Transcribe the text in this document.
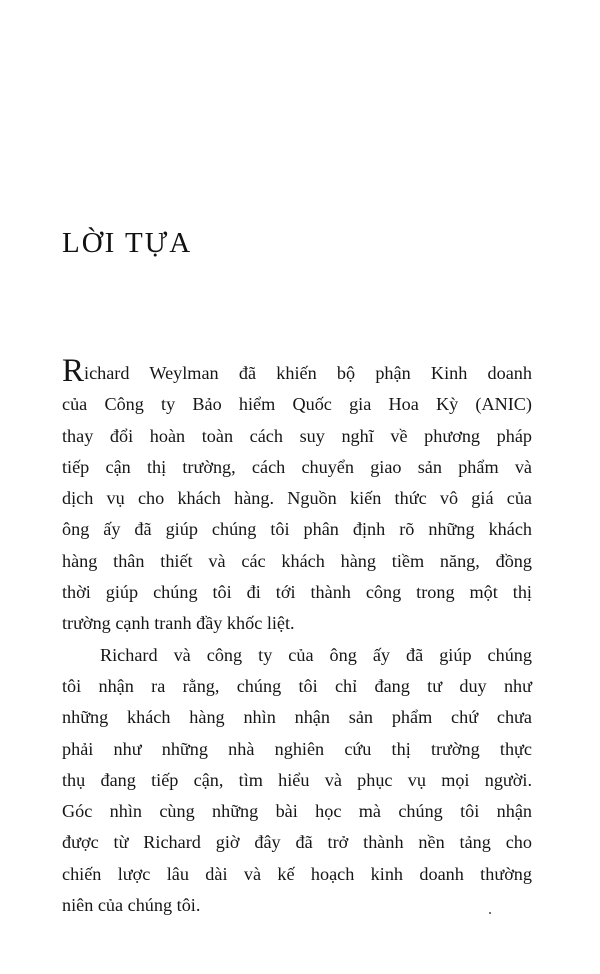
LỜI TỰA
Richard Weylman đã khiến bộ phận Kinh doanh
của Công ty Bảo hiểm Quốc gia Hoa Kỳ (ANIC)
thay đổi hoàn toàn cách suy nghĩ về phương pháp
tiếp cận thị trường, cách chuyển giao sản phẩm và
dịch vụ cho khách hàng. Nguồn kiến thức vô giá của
ông ấy đã giúp chúng tôi phân định rõ những khách
hàng thân thiết và các khách hàng tiềm năng, đồng
thời giúp chúng tôi đi tới thành công trong một thị
trường cạnh tranh đầy khốc liệt.
Richard và công ty của ông ấy đã giúp chúng
tôi nhận ra rằng, chúng tôi chỉ đang tư duy như
những khách hàng nhìn nhận sản phẩm chứ chưa
phải như những nhà nghiên cứu thị trường thực
thụ đang tiếp cận, tìm hiểu và phục vụ mọi người.
Góc nhìn cùng những bài học mà chúng tôi nhận
được từ Richard giờ đây đã trở thành nền tảng cho
chiến lược lâu dài và kế hoạch kinh doanh thường
niên của chúng tôi.
